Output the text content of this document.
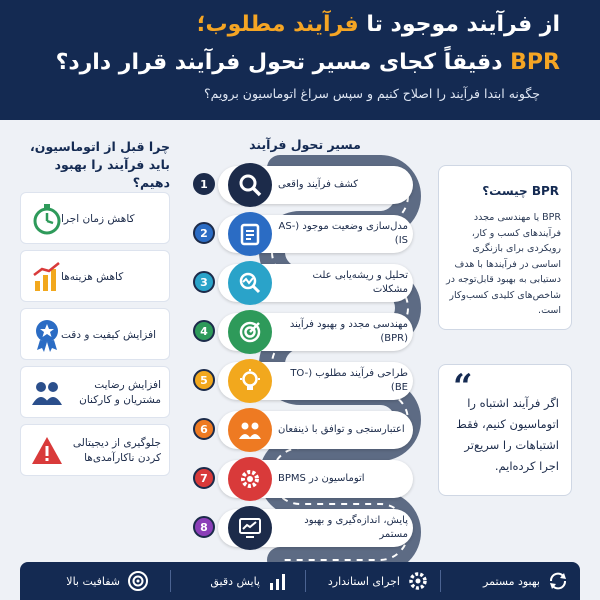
از فرآیند موجود تا فرآیند مطلوب؛
BPR دقیقاً کجای مسیر تحول فرآیند قرار دارد؟
چگونه ابتدا فرآیند را اصلاح کنیم و سپس سراغ اتوماسیون برویم؟
چرا قبل از اتوماسیون،
باید فرآیند را بهبود دهیم؟
کاهش زمان اجرا
کاهش هزینه‌ها
افزایش کیفیت و دقت
افزایش رضایت مشتریان و کارکنان
جلوگیری از دیجیتالی کردن ناکارآمدی‌ها
مسیر تحول فرآیند
1	کشف فرآیند واقعی
2	مدل‌سازی وضعیت موجود (AS-IS)
3	تحلیل و ریشه‌یابی علت مشکلات
4	مهندسی مجدد و بهبود فرآیند (BPR)
5	طراحی فرآیند مطلوب (TO-BE)
6	اعتبارسنجی و توافق با ذینفعان
7	اتوماسیون در BPMS
8	پایش، اندازه‌گیری و بهبود مستمر
BPR چیست؟
BPR یا مهندسی مجدد فرآیندهای کسب و کار، رویکردی برای بازنگری اساسی در فرآیندها با هدف دستیابی به بهبود قابل‌توجه در شاخص‌های کلیدی کسب‌وکار است.
“
اگر فرآیند اشتباه را اتوماسیون کنیم، فقط اشتباهات را سریع‌تر اجرا کرده‌ایم.
بهبود مستمر
اجرای استاندارد
پایش دقیق
شفافیت بالا
